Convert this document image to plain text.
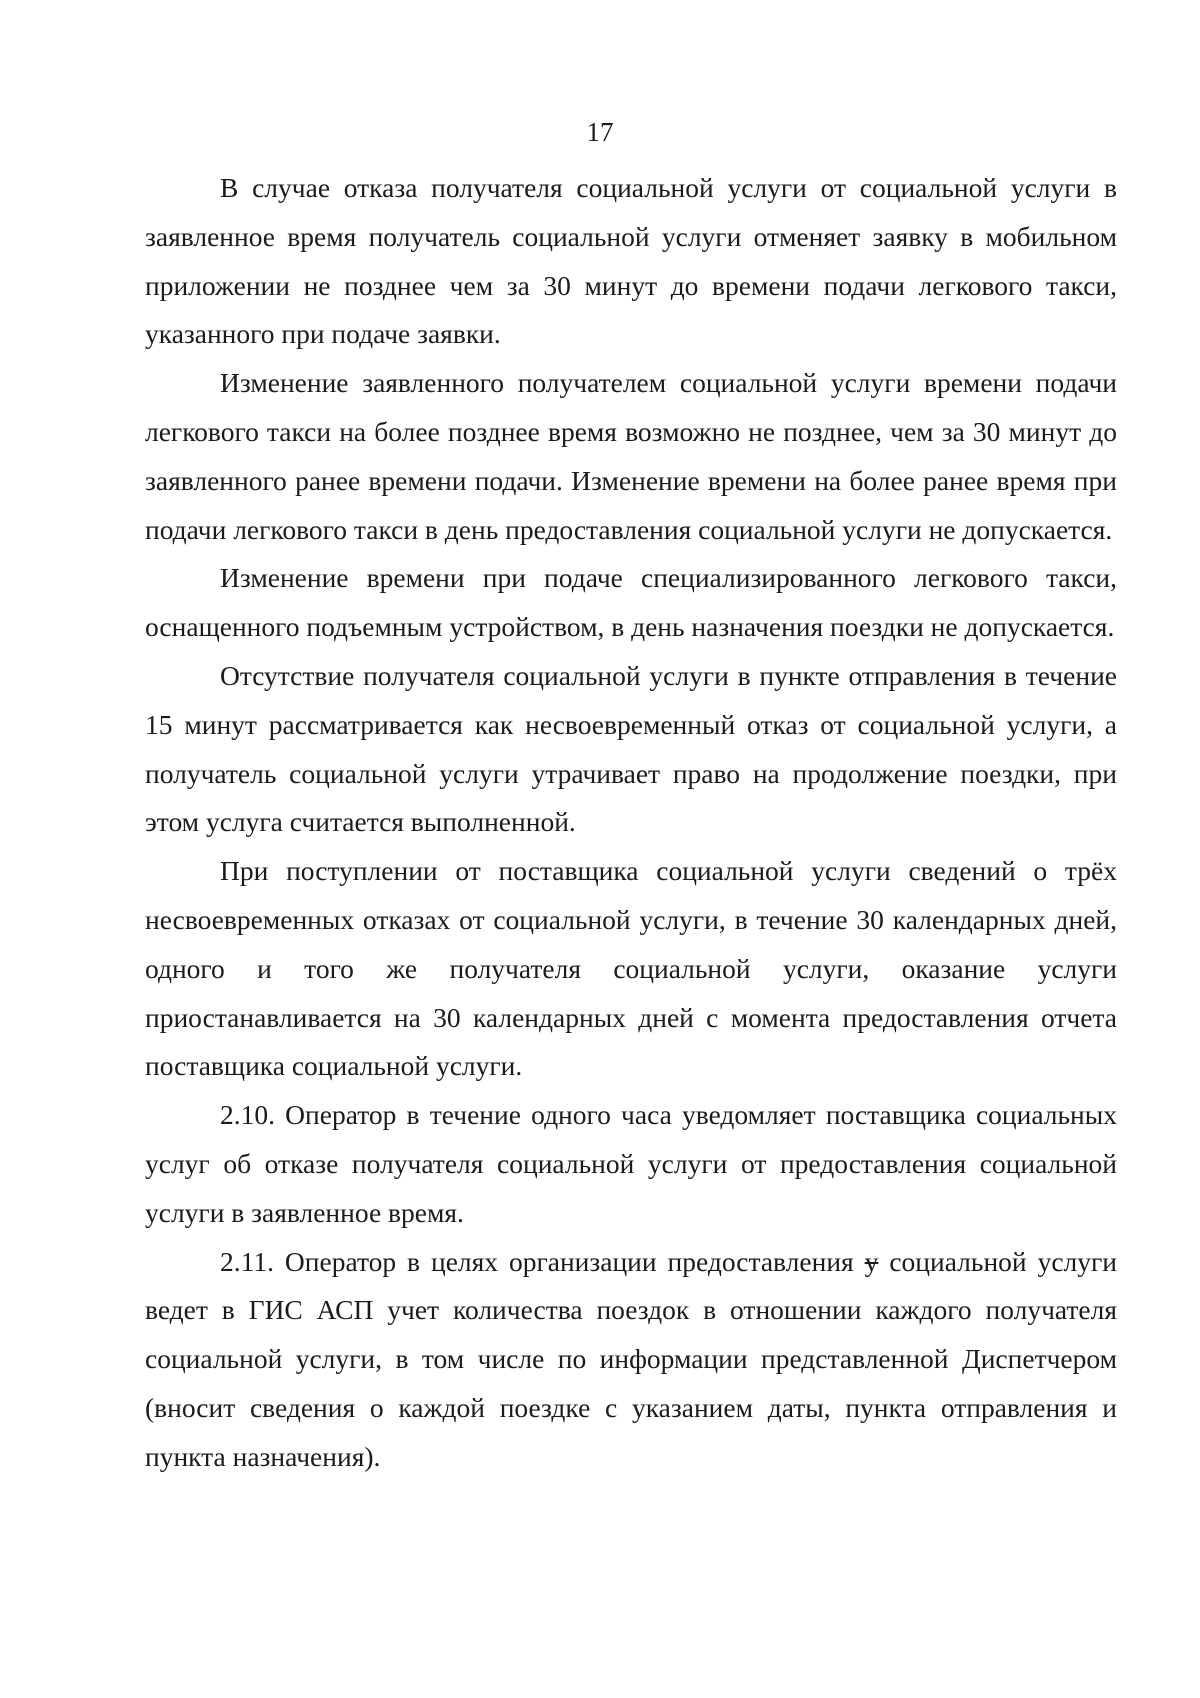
17

В случае отказа получателя социальной услуги от социальной услуги в заявленное время получатель социальной услуги отменяет заявку в мобильном приложении не позднее чем за 30 минут до времени подачи легкового такси, указанного при подаче заявки.

Изменение заявленного получателем социальной услуги времени подачи легкового такси на более позднее время возможно не позднее, чем за 30 минут до заявленного ранее времени подачи. Изменение времени на более ранее время при подачи легкового такси в день предоставления социальной услуги не допускается.

Изменение времени при подаче специализированного легкового такси, оснащенного подъемным устройством, в день назначения поездки не допускается.

Отсутствие получателя социальной услуги в пункте отправления в течение 15 минут рассматривается как несвоевременный отказ от социальной услуги, а получатель социальной услуги утрачивает право на продолжение поездки, при этом услуга считается выполненной.

При поступлении от поставщика социальной услуги сведений о трёх несвоевременных отказах от социальной услуги, в течение 30 календарных дней, одного и того же получателя социальной услуги, оказание услуги приостанавливается на 30 календарных дней с момента предоставления отчета поставщика социальной услуги.

2.10. Оператор в течение одного часа уведомляет поставщика социальных услуг об отказе получателя социальной услуги от предоставления социальной услуги в заявленное время.

2.11. Оператор в целях организации предоставления у социальной услуги ведет в ГИС АСП учет количества поездок в отношении каждого получателя социальной услуги, в том числе по информации представленной Диспетчером (вносит сведения о каждой поездке с указанием даты, пункта отправления и пункта назначения).
